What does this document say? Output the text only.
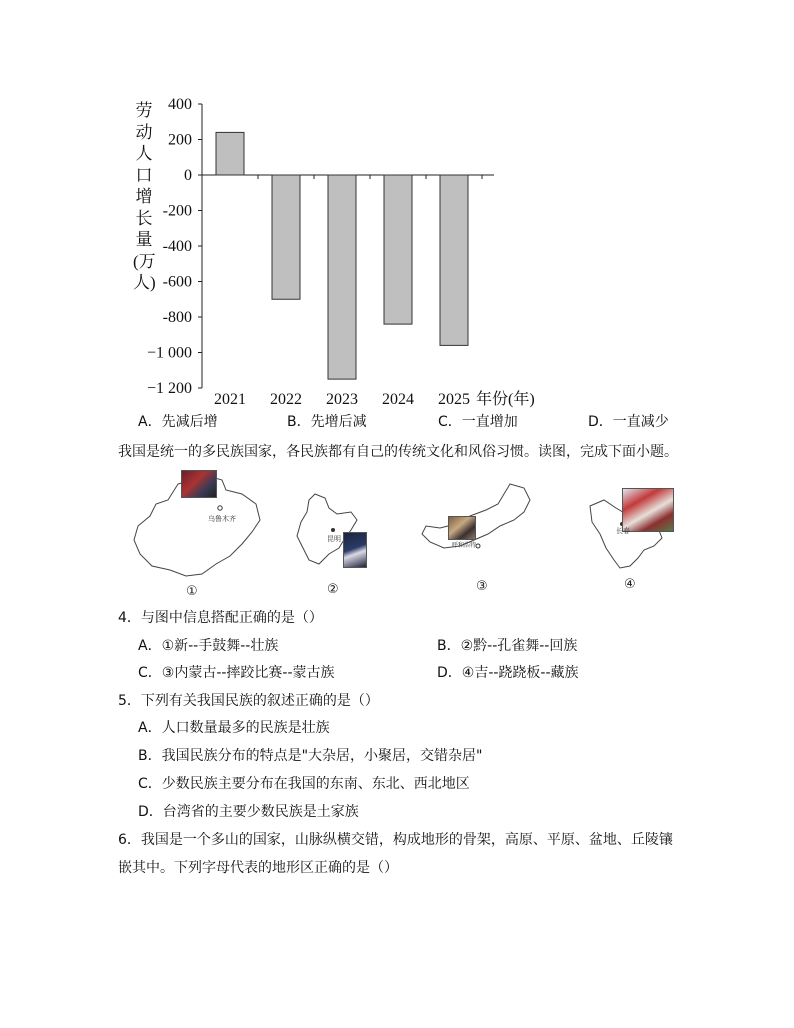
400
200
0
-200
-400
-600
-800
−1 000
−1 200
2021 2022 2023 2024 2025 年份(年)
劳动人口增长量(万人)
A．先减后增	B．先增后减	C．一直增加	D．一直减少
我国是统一的多民族国家，各民族都有自己的传统文化和风俗习惯。读图，完成下面小题。
乌鲁木齐
①
昆明
②
呼和浩特
③
长春
④
4．与图中信息搭配正确的是（）
A．①新--手鼓舞--壮族	B．②黔--孔雀舞--回族
C．③内蒙古--摔跤比赛--蒙古族	D．④吉--跷跷板--藏族
5．下列有关我国民族的叙述正确的是（）
A．人口数量最多的民族是壮族
B．我国民族分布的特点是"大杂居，小聚居，交错杂居"
C．少数民族主要分布在我国的东南、东北、西北地区
D．台湾省的主要少数民族是土家族
6．我国是一个多山的国家，山脉纵横交错，构成地形的骨架，高原、平原、盆地、丘陵镶
嵌其中。下列字母代表的地形区正确的是（）
